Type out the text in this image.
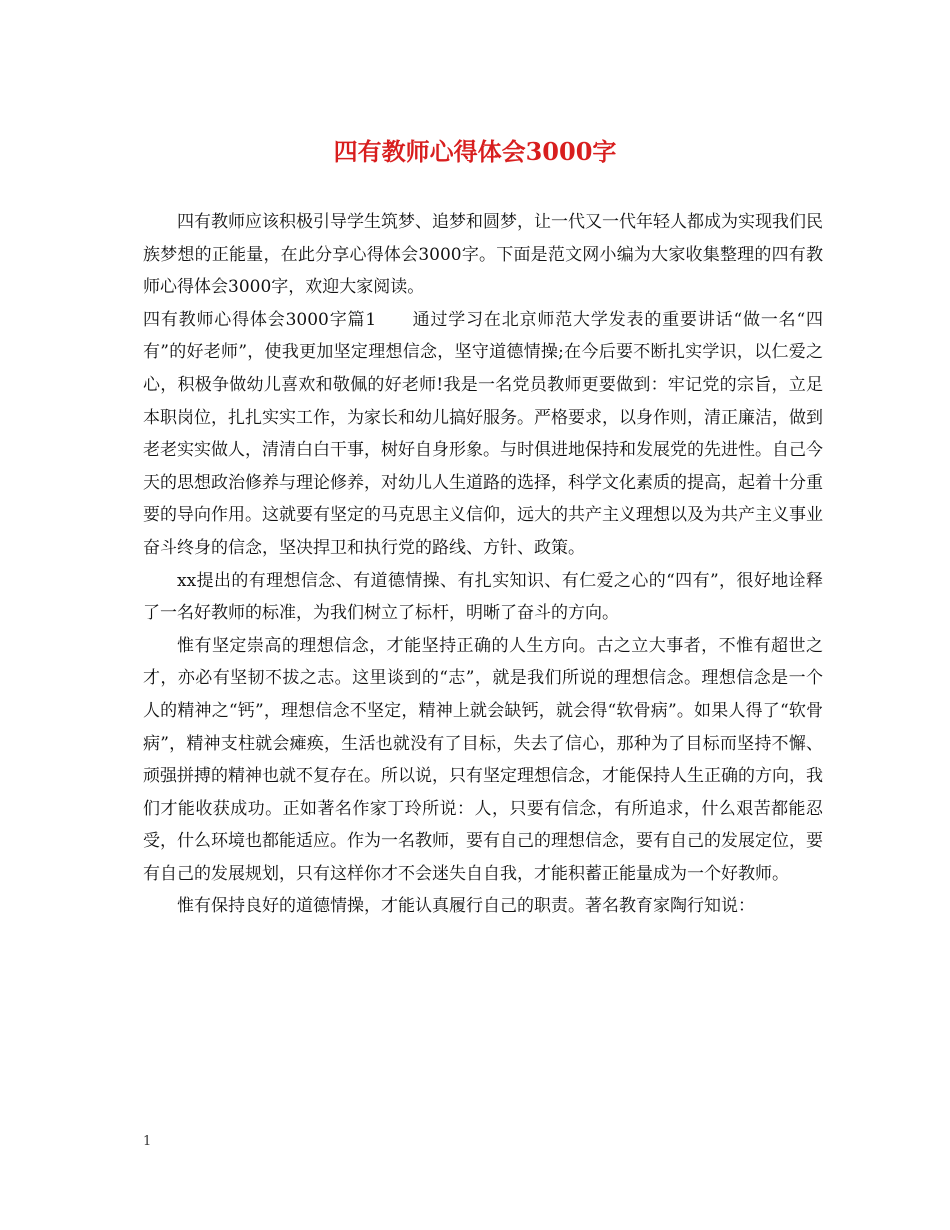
四有教师心得体会3000字

四有教师应该积极引导学生筑梦、追梦和圆梦，让一代又一代年轻人都成为实现我们民族梦想的正能量，在此分享心得体会3000字。下面是范文网小编为大家收集整理的四有教师心得体会3000字，欢迎大家阅读。

四有教师心得体会3000字篇1　　通过学习在北京师范大学发表的重要讲话“做一名“四有”的好老师”，使我更加坚定理想信念，坚守道德情操;在今后要不断扎实学识，以仁爱之心，积极争做幼儿喜欢和敬佩的好老师!我是一名党员教师更要做到：牢记党的宗旨，立足本职岗位，扎扎实实工作，为家长和幼儿搞好服务。严格要求，以身作则，清正廉洁，做到老老实实做人，清清白白干事，树好自身形象。与时俱进地保持和发展党的先进性。自己今天的思想政治修养与理论修养，对幼儿人生道路的选择，科学文化素质的提高，起着十分重要的导向作用。这就要有坚定的马克思主义信仰，远大的共产主义理想以及为共产主义事业奋斗终身的信念，坚决捍卫和执行党的路线、方针、政策。

xx提出的有理想信念、有道德情操、有扎实知识、有仁爱之心的“四有”，很好地诠释了一名好教师的标准，为我们树立了标杆，明晰了奋斗的方向。

惟有坚定崇高的理想信念，才能坚持正确的人生方向。古之立大事者，不惟有超世之才，亦必有坚韧不拔之志。这里谈到的“志”，就是我们所说的理想信念。理想信念是一个人的精神之“钙”，理想信念不坚定，精神上就会缺钙，就会得“软骨病”。如果人得了“软骨病”，精神支柱就会瘫痪，生活也就没有了目标，失去了信心，那种为了目标而坚持不懈、顽强拼搏的精神也就不复存在。所以说，只有坚定理想信念，才能保持人生正确的方向，我们才能收获成功。正如著名作家丁玲所说：人，只要有信念，有所追求，什么艰苦都能忍受，什么环境也都能适应。作为一名教师，要有自己的理想信念，要有自己的发展定位，要有自己的发展规划，只有这样你才不会迷失自自我，才能积蓄正能量成为一个好教师。

惟有保持良好的道德情操，才能认真履行自己的职责。著名教育家陶行知说：

1
